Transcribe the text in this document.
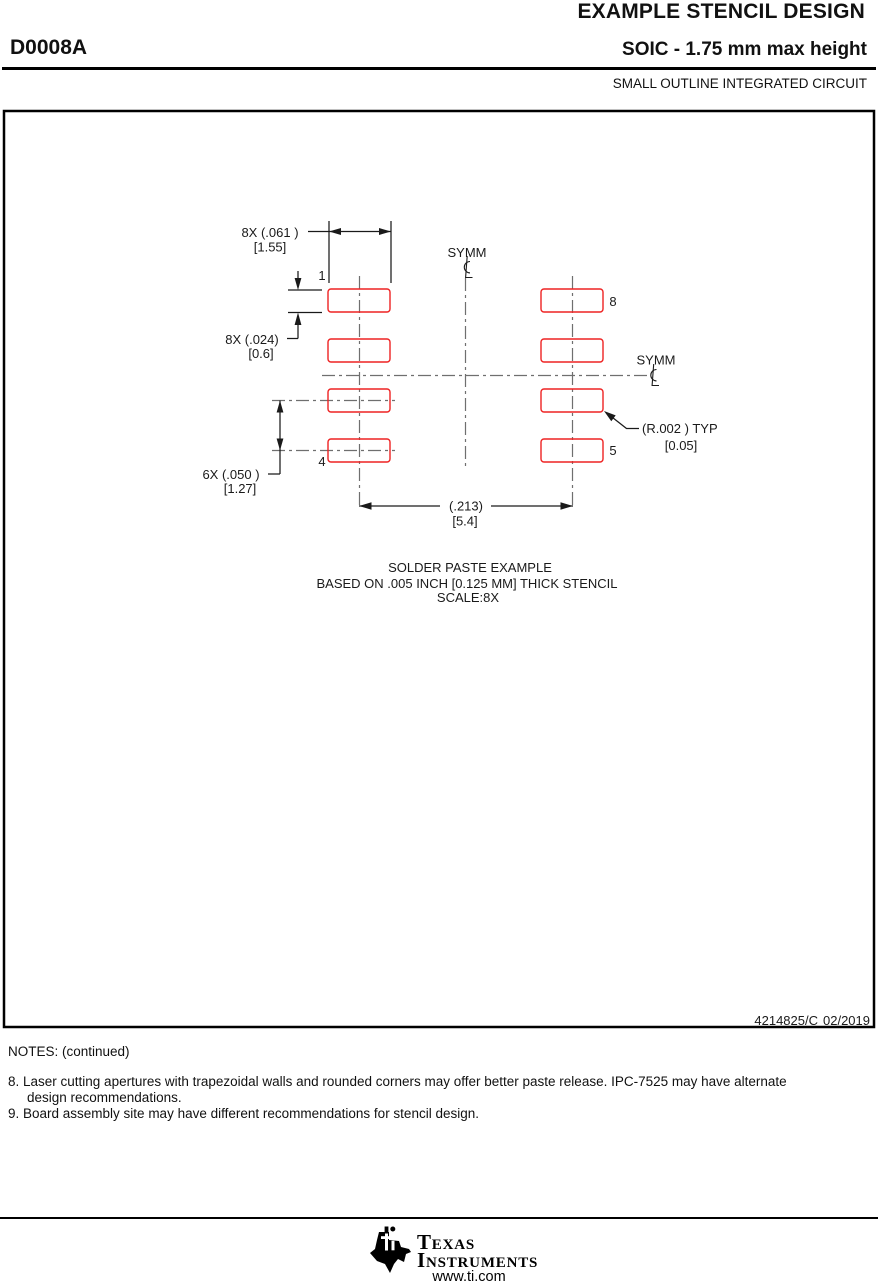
EXAMPLE STENCIL DESIGN
D0008A	SOIC - 1.75 mm max height
SMALL OUTLINE INTEGRATED CIRCUIT
SYMM
SYMM
8X (.061 )
[1.55]
8X (.024)
[0.6]
6X (.050 )
[1.27]
(.213)
[5.4]
(R.002 ) TYP
[0.05]
1
4
8
5
SOLDER PASTE EXAMPLE
BASED ON .005 INCH [0.125 MM] THICK STENCIL
SCALE:8X
4214825/C 02/2019
NOTES: (continued)
8. Laser cutting apertures with trapezoidal walls and rounded corners may offer better paste release. IPC-7525 may have alternate
design recommendations.
9. Board assembly site may have different recommendations for stencil design.
Texas
Instruments
www.ti.com
